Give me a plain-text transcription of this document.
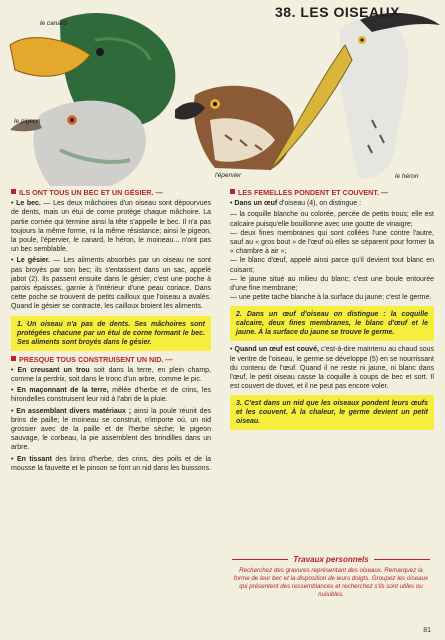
38. LES OISEAUX
le canard
le pigeon
l'épervier	le héron
ILS ONT TOUS UN BEC ET UN GÉSIER. —

• Le bec. — Les deux mâchoires d'un oiseau sont dépourvues de dents, mais un étui de corne protège chaque mâchoire. La partie cornée qui termine ainsi la tête s'appelle le bec. Il n'a pas toujours la même forme, ni la même résistance; ainsi le pigeon, la poule, l'épervier, le canard, le héron, le moineau... n'ont pas un bec semblable.

• Le gésier. — Les aliments absorbés par un oiseau ne sont pas broyés par son bec; ils s'entassent dans un sac, appelé jabot (2). Ils passent ensuite dans le gésier; c'est une poche à parois épaisses, garnie à l'intérieur d'une peau coriace. Dans cette poche se trouvent de petits cailloux que l'oiseau a avalés. Quand le gésier se contracte, les cailloux broient les aliments.

1. Un oiseau n'a pas de dents. Ses mâchoires sont protégées chacune par un étui de corne formant le bec. Ses aliments sont broyés dans le gésier.
PRESQUE TOUS CONSTRUISENT UN NID. —

• En creusant un trou soit dans la terre, en plein champ, comme la perdrix, soit dans le tronc d'un arbre, comme le pic.

• En maçonnant de la terre, mêlée d'herbe et de crins, les hirondelles construisent leur nid à l'abri de la pluie.

• En assemblant divers matériaux ; ainsi la poule réunit des brins de paille; le moineau se construit, n'importe où, un nid grossier avec de la paille et de l'herbe sèche; le pigeon sauvage, le corbeau, la pie assemblent des brindilles dans un arbre.

• En tissant des brins d'herbe, des crins, des poils et de la mousse la fauvette et le pinson se font un nid dans les buissons.

LES FEMELLES PONDENT ET COUVENT. —

• Dans un œuf d'oiseau (4), on distingue :

— la coquille blanche ou colorée, percée de petits trous; elle est calcaire puisqu'elle bouillonne avec une goutte de vinaigre;

— deux fines membranes qui sont collées l'une contre l'autre, sauf au « gros bout » de l'œuf où elles se séparent pour former la « chambre à air »;

— le blanc d'œuf, appelé ainsi parce qu'il devient tout blanc en cuisant;

— le jaune situé au milieu du blanc; c'est une boule entourée d'une fine membrane;

— une petite tache blanche à la surface du jaune; c'est le germe.

2. Dans un œuf d'oiseau on distingue : la coquille calcaire, deux fines membranes, le blanc d'œuf et le jaune. À la surface du jaune se trouve le germe.

• Quand un œuf est couvé, c'est-à-dire maintenu au chaud sous le ventre de l'oiseau, le germe se développe (5) en se nourrissant du contenu de l'œuf. Quand il ne reste ni jaune, ni blanc dans l'œuf, le petit oiseau casse la coquille à coups de bec et sort. Il est couvert de duvet, et il ne peut pas encore voler.

3. C'est dans un nid que les oiseaux pondent leurs œufs et les couvent. À la chaleur, le germe devient un petit oiseau.
Travaux personnels
Recherchez des gravures représentant des oiseaux. Remarquez la forme de leur bec et la disposition de leurs doigts. Groupez les oiseaux qui présentent des ressemblances et recherchez s'ils sont utiles ou nuisibles.
81
